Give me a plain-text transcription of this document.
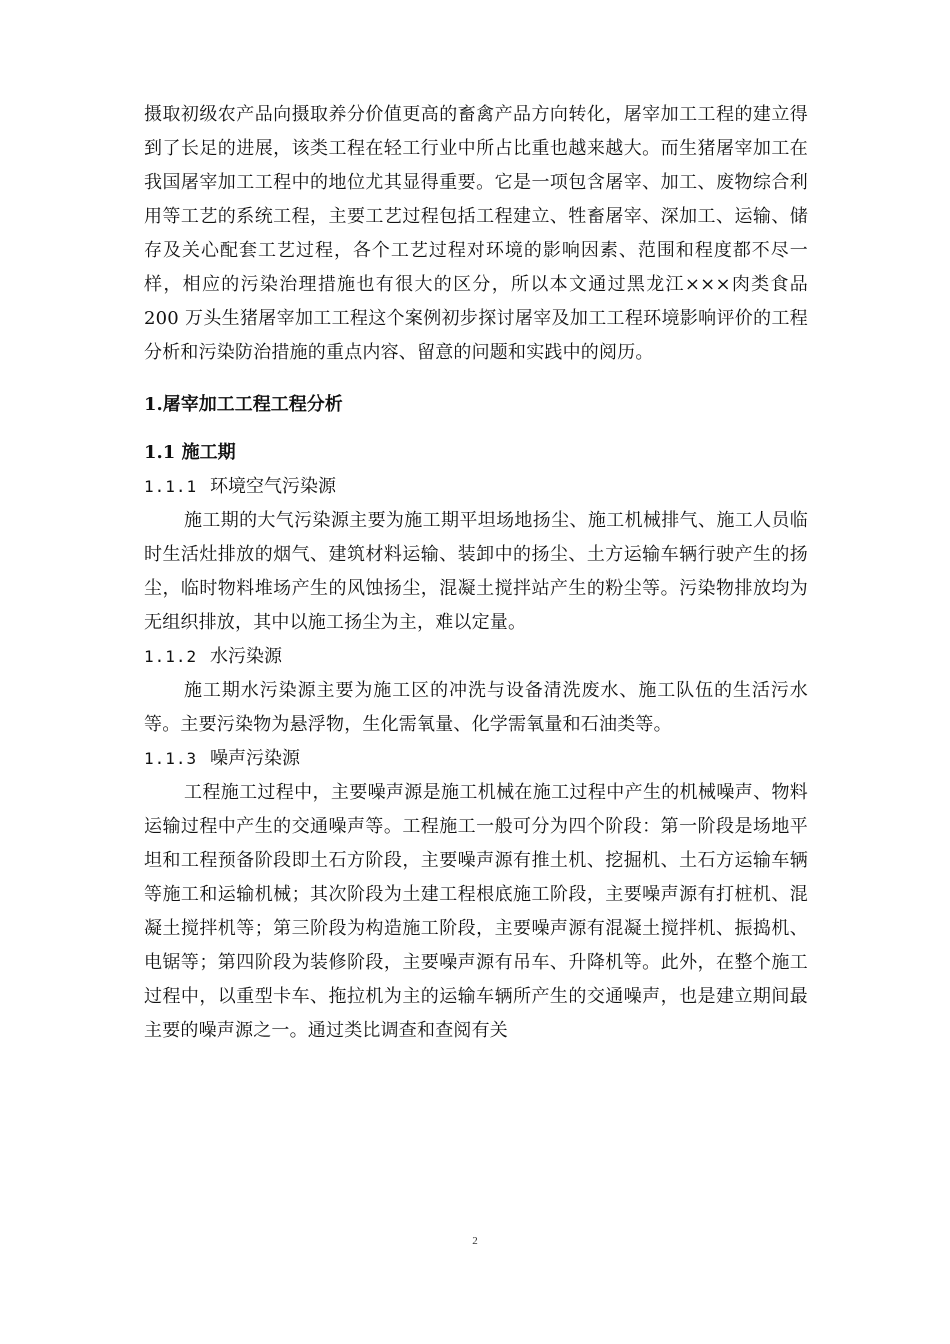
摄取初级农产品向摄取养分价值更高的畜禽产品方向转化，屠宰加工工程的建立得到了长足的进展，该类工程在轻工行业中所占比重也越来越大。而生猪屠宰加工在我国屠宰加工工程中的地位尤其显得重要。它是一项包含屠宰、加工、废物综合利用等工艺的系统工程，主要工艺过程包括工程建立、牲畜屠宰、深加工、运输、储存及关心配套工艺过程，各个工艺过程对环境的影响因素、范围和程度都不尽一样，相应的污染治理措施也有很大的区分，所以本文通过黑龙江×××肉类食品 200 万头生猪屠宰加工工程这个案例初步探讨屠宰及加工工程环境影响评价的工程分析和污染防治措施的重点内容、留意的问题和实践中的阅历。

1.屠宰加工工程工程分析
1.1 施工期
1.1.1 环境空气污染源

施工期的大气污染源主要为施工期平坦场地扬尘、施工机械排气、施工人员临时生活灶排放的烟气、建筑材料运输、装卸中的扬尘、土方运输车辆行驶产生的扬尘，临时物料堆场产生的风蚀扬尘，混凝土搅拌站产生的粉尘等。污染物排放均为无组织排放，其中以施工扬尘为主，难以定量。

1.1.2 水污染源

施工期水污染源主要为施工区的冲洗与设备清洗废水、施工队伍的生活污水等。主要污染物为悬浮物，生化需氧量、化学需氧量和石油类等。

1.1.3 噪声污染源

工程施工过程中，主要噪声源是施工机械在施工过程中产生的机械噪声、物料运输过程中产生的交通噪声等。工程施工一般可分为四个阶段：第一阶段是场地平坦和工程预备阶段即土石方阶段，主要噪声源有推土机、挖掘机、土石方运输车辆等施工和运输机械；其次阶段为土建工程根底施工阶段，主要噪声源有打桩机、混凝土搅拌机等；第三阶段为构造施工阶段，主要噪声源有混凝土搅拌机、振捣机、电锯等；第四阶段为装修阶段，主要噪声源有吊车、升降机等。此外，在整个施工过程中，以重型卡车、拖拉机为主的运输车辆所产生的交通噪声，也是建立期间最主要的噪声源之一。通过类比调查和查阅有关

2
